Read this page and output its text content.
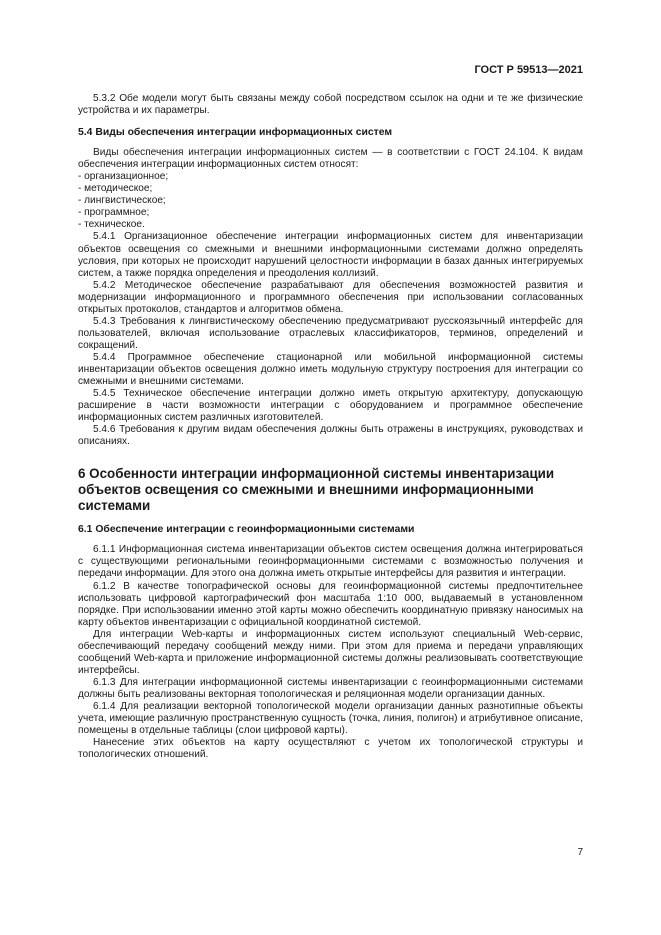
ГОСТ Р 59513—2021
5.3.2 Обе модели могут быть связаны между собой посредством ссылок на одни и те же физические устройства и их параметры.
5.4 Виды обеспечения интеграции информационных систем
Виды обеспечения интеграции информационных систем — в соответствии с ГОСТ 24.104. К видам обеспечения интеграции информационных систем относят:
- организационное;
- методическое;
- лингвистическое;
- программное;
- техническое.
5.4.1 Организационное обеспечение интеграции информационных систем для инвентаризации объектов освещения со смежными и внешними информационными системами должно определять условия, при которых не происходит нарушений целостности информации в базах данных интегрируемых систем, а также порядка определения и преодоления коллизий.
5.4.2 Методическое обеспечение разрабатывают для обеспечения возможностей развития и модернизации информационного и программного обеспечения при использовании согласованных открытых протоколов, стандартов и алгоритмов обмена.
5.4.3 Требования к лингвистическому обеспечению предусматривают русскоязычный интерфейс для пользователей, включая использование отраслевых классификаторов, терминов, определений и сокращений.
5.4.4 Программное обеспечение стационарной или мобильной информационной системы инвентаризации объектов освещения должно иметь модульную структуру построения для интеграции со смежными и внешними системами.
5.4.5 Техническое обеспечение интеграции должно иметь открытую архитектуру, допускающую расширение в части возможности интеграции с оборудованием и программное обеспечение информационных систем различных изготовителей.
5.4.6 Требования к другим видам обеспечения должны быть отражены в инструкциях, руководствах и описаниях.
6 Особенности интеграции информационной системы инвентаризации объектов освещения со смежными и внешними информационными системами
6.1 Обеспечение интеграции с геоинформационными системами
6.1.1 Информационная система инвентаризации объектов систем освещения должна интегрироваться с существующими региональными геоинформационными системами с возможностью получения и передачи информации. Для этого она должна иметь открытые интерфейсы для развития и интеграции.
6.1.2 В качестве топографической основы для геоинформационной системы предпочтительнее использовать цифровой картографический фон масштаба 1:10 000, выдаваемый в установленном порядке. При использовании именно этой карты можно обеспечить координатную привязку наносимых на карту объектов инвентаризации с официальной координатной системой.
Для интеграции Web-карты и информационных систем используют специальный Web-сервис, обеспечивающий передачу сообщений между ними. При этом для приема и передачи управляющих сообщений Web-карта и приложение информационной системы должны реализовывать соответствующие интерфейсы.
6.1.3 Для интеграции информационной системы инвентаризации с геоинформационными системами должны быть реализованы векторная топологическая и реляционная модели организации данных.
6.1.4 Для реализации векторной топологической модели организации данных разнотипные объекты учета, имеющие различную пространственную сущность (точка, линия, полигон) и атрибутивное описание, помещены в отдельные таблицы (слои цифровой карты).
Нанесение этих объектов на карту осуществляют с учетом их топологической структуры и топологических отношений.
7
